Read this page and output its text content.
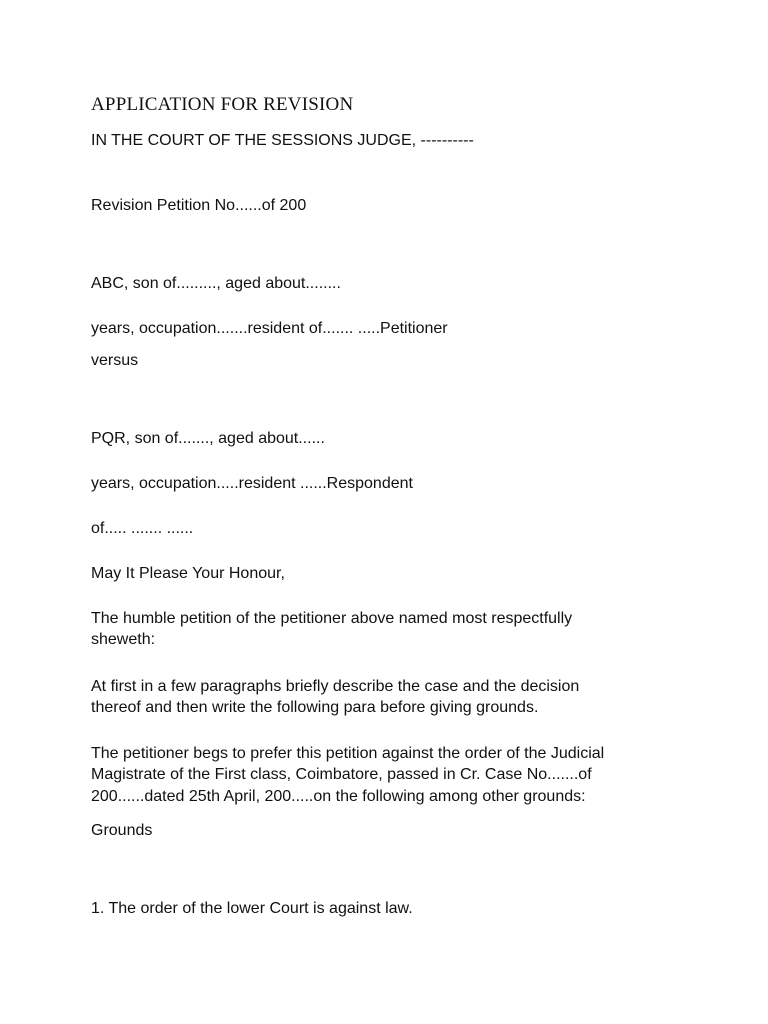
APPLICATION FOR REVISION
IN THE COURT OF THE SESSIONS JUDGE, ----------
Revision Petition No......of 200
ABC, son of........., aged about........
years, occupation.......resident of....... .....Petitioner
versus
PQR, son of......., aged about......
years, occupation.....resident ......Respondent
of..... ....... ......
May It Please Your Honour,
The humble petition of the petitioner above named most respectfully
sheweth:
At first in a few paragraphs briefly describe the case and the decision
thereof and then write the following para before giving grounds.
The petitioner begs to prefer this petition against the order of the Judicial
Magistrate of the First class, Coimbatore, passed in Cr. Case No.......of
200......dated 25th April, 200.....on the following among other grounds:
Grounds
1. The order of the lower Court is against law.
